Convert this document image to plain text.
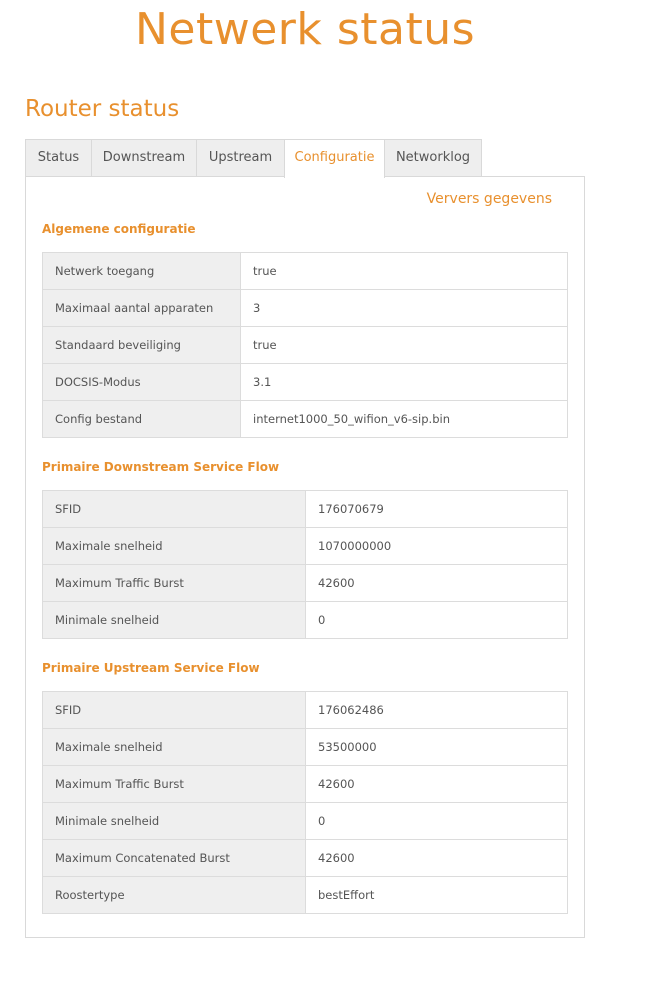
Netwerk status
Router status
Status	Downstream	Upstream	Configuratie	Networklog
Ververs gegevens
Algemene configuratie
Netwerk toegang	true
Maximaal aantal apparaten	3
Standaard beveiliging	true
DOCSIS-Modus	3.1
Config bestand	internet1000_50_wifion_v6-sip.bin
Primaire Downstream Service Flow
SFID	176070679
Maximale snelheid	1070000000
Maximum Traffic Burst	42600
Minimale snelheid	0
Primaire Upstream Service Flow
SFID	176062486
Maximale snelheid	53500000
Maximum Traffic Burst	42600
Minimale snelheid	0
Maximum Concatenated Burst	42600
Roostertype	bestEffort
